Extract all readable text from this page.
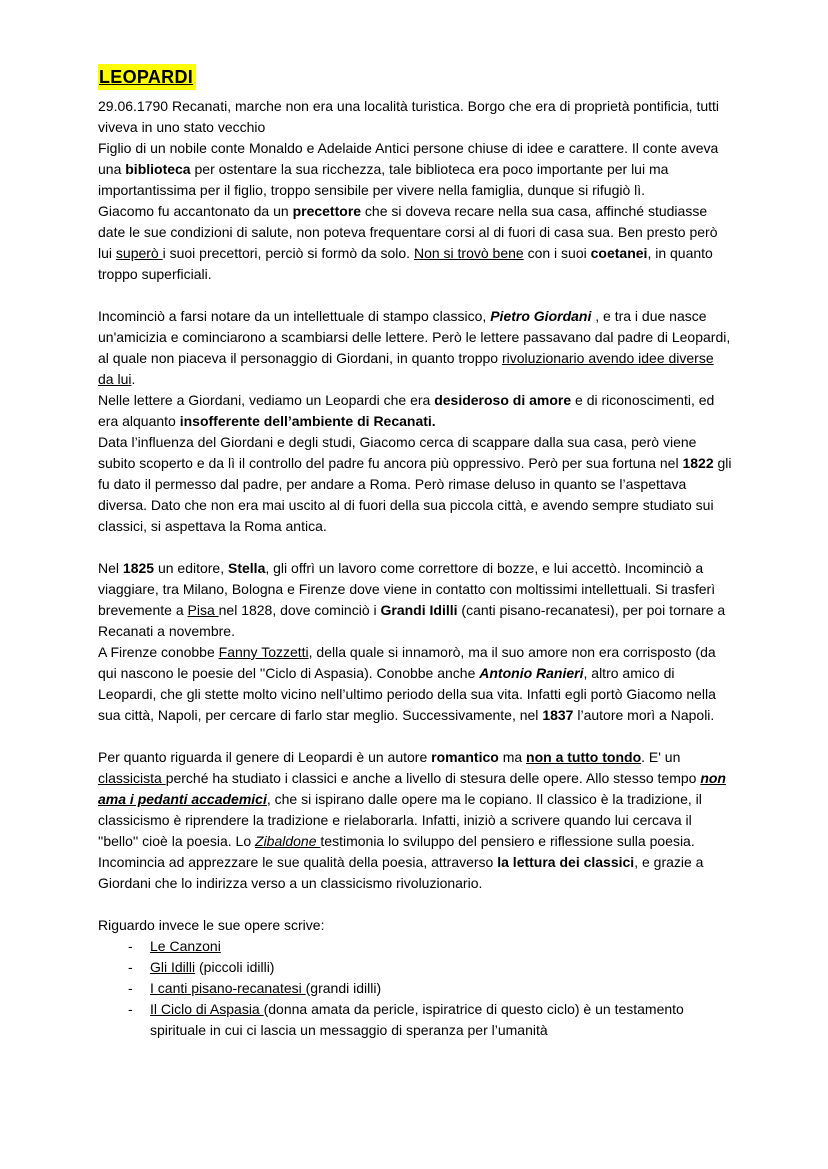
LEOPARDI
29.06.1790 Recanati, marche non era una località turistica. Borgo che era di proprietà pontificia, tutti viveva in uno stato vecchio
Figlio di un nobile conte Monaldo e Adelaide Antici persone chiuse di idee e carattere. Il conte aveva una biblioteca per ostentare la sua ricchezza, tale biblioteca era poco importante per lui ma importantissima per il figlio, troppo sensibile per vivere nella famiglia, dunque si rifugiò lì.
Giacomo fu accantonato da un precettore che si doveva recare nella sua casa, affinché studiasse date le sue condizioni di salute, non poteva frequentare corsi al di fuori di casa sua. Ben presto però lui superò i suoi precettori, perciò si formò da solo. Non si trovò bene con i suoi coetanei, in quanto troppo superficiali.
Incominciò a farsi notare da un intellettuale di stampo classico, Pietro Giordani , e tra i due nasce un'amicizia e cominciarono a scambiarsi delle lettere. Però le lettere passavano dal padre di Leopardi, al quale non piaceva il personaggio di Giordani, in quanto troppo rivoluzionario avendo idee diverse da lui.
Nelle lettere a Giordani, vediamo un Leopardi che era desideroso di amore e di riconoscimenti, ed era alquanto insofferente dell’ambiente di Recanati.
Data l’influenza del Giordani e degli studi, Giacomo cerca di scappare dalla sua casa, però viene subito scoperto e da lì il controllo del padre fu ancora più oppressivo. Però per sua fortuna nel 1822 gli fu dato il permesso dal padre, per andare a Roma. Però rimase deluso in quanto se l’aspettava diversa. Dato che non era mai uscito al di fuori della sua piccola città, e avendo sempre studiato sui classici, si aspettava la Roma antica.
Nel 1825 un editore, Stella, gli offrì un lavoro come correttore di bozze, e lui accettò. Incominciò a viaggiare, tra Milano, Bologna e Firenze dove viene in contatto con moltissimi intellettuali. Si trasferì brevemente a Pisa nel 1828, dove cominciò i Grandi Idilli (canti pisano-recanatesi), per poi tornare a Recanati a novembre.
A Firenze conobbe Fanny Tozzetti, della quale si innamorò, ma il suo amore non era corrisposto (da qui nascono le poesie del ''Ciclo di Aspasia). Conobbe anche Antonio Ranieri, altro amico di Leopardi, che gli stette molto vicino nell’ultimo periodo della sua vita. Infatti egli portò Giacomo nella sua città, Napoli, per cercare di farlo star meglio. Successivamente, nel 1837 l’autore morì a Napoli.
Per quanto riguarda il genere di Leopardi è un autore romantico ma non a tutto tondo. E' un classicista perché ha studiato i classici e anche a livello di stesura delle opere. Allo stesso tempo non ama i pedanti accademici, che si ispirano dalle opere ma le copiano. Il classico è la tradizione, il classicismo è riprendere la tradizione e rielaborarla. Infatti, iniziò a scrivere quando lui cercava il ''bello'' cioè la poesia. Lo Zibaldone testimonia lo sviluppo del pensiero e riflessione sulla poesia. Incomincia ad apprezzare le sue qualità della poesia, attraverso la lettura dei classici, e grazie a Giordani che lo indirizza verso a un classicismo rivoluzionario.
Riguardo invece le sue opere scrive:
-	Le Canzoni
-	Gli Idilli (piccoli idilli)
-	I canti pisano-recanatesi (grandi idilli)
-	Il Ciclo di Aspasia (donna amata da pericle, ispiratrice di questo ciclo) è un testamento spirituale in cui ci lascia un messaggio di speranza per l’umanità
